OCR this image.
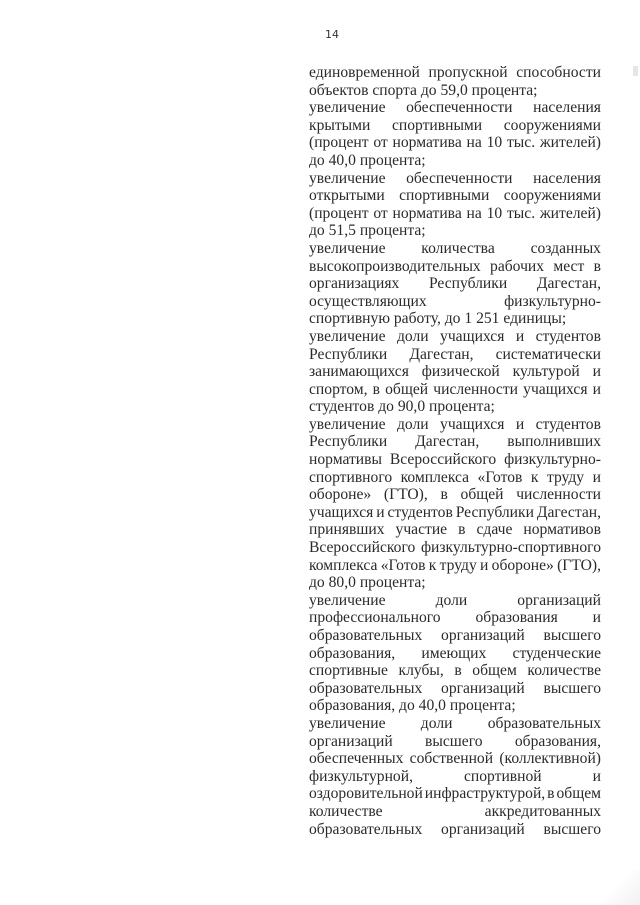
14
единовременной пропускной способности
объектов спорта до 59,0 процента;
увеличение обеспеченности населения
крытыми спортивными сооружениями
(процент от норматива на 10 тыс. жителей)
до 40,0 процента;
увеличение обеспеченности населения
открытыми спортивными сооружениями
(процент от норматива на 10 тыс. жителей)
до 51,5 процента;
увеличение количества созданных
высокопроизводительных рабочих мест в
организациях Республики Дагестан,
осуществляющих	физкультурно-
спортивную работу, до 1 251 единицы;
увеличение доли учащихся и студентов
Республики Дагестан, систематически
занимающихся физической культурой и
спортом, в общей численности учащихся и
студентов до 90,0 процента;
увеличение доли учащихся и студентов
Республики Дагестан, выполнивших
нормативы Всероссийского физкультурно-
спортивного комплекса «Готов к труду и
обороне» (ГТО), в общей численности
учащихся и студентов Республики Дагестан,
принявших участие в сдаче нормативов
Всероссийского физкультурно-спортивного
комплекса «Готов к труду и обороне» (ГТО),
до 80,0 процента;
увеличение	доли	организаций
профессионального образования и
образовательных организаций высшего
образования, имеющих студенческие
спортивные клубы, в общем количестве
образовательных организаций высшего
образования, до 40,0 процента;
увеличение доли образовательных
организаций высшего образования,
обеспеченных собственной (коллективной)
физкультурной,	спортивной	и
оздоровительной инфраструктурой, в общем
количестве	аккредитованных
образовательных организаций высшего
